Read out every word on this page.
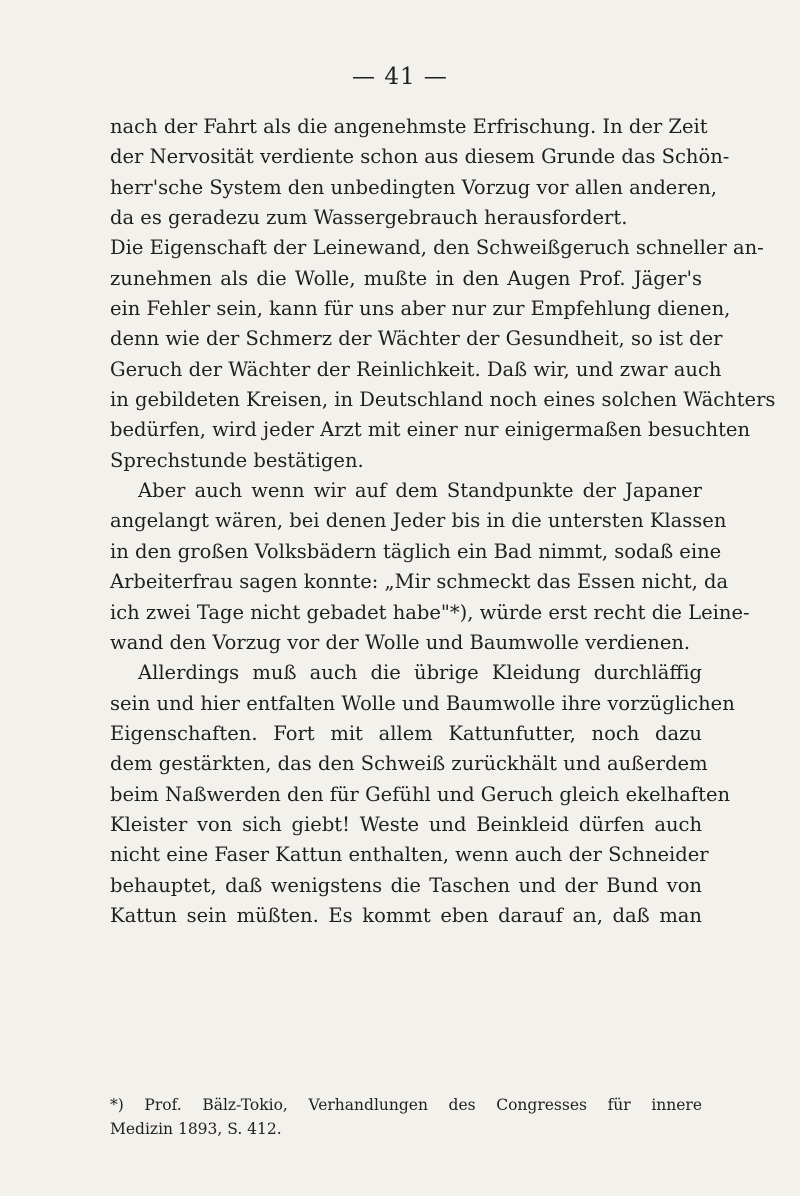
— 41 —
nach der Fahrt als die angenehmste Erfrischung. In der Zeit
der Nervosität verdiente schon aus diesem Grunde das Schön-
herr'sche System den unbedingten Vorzug vor allen anderen,
da es geradezu zum Wassergebrauch herausfordert.
Die Eigenschaft der Leinewand, den Schweißgeruch schneller an-
zunehmen als die Wolle, mußte in den Augen Prof. Jäger's
ein Fehler sein, kann für uns aber nur zur Empfehlung dienen,
denn wie der Schmerz der Wächter der Gesundheit, so ist der
Geruch der Wächter der Reinlichkeit. Daß wir, und zwar auch
in gebildeten Kreisen, in Deutschland noch eines solchen Wächters
bedürfen, wird jeder Arzt mit einer nur einigermaßen besuchten
Sprechstunde bestätigen.
Aber auch wenn wir auf dem Standpunkte der Japaner
angelangt wären, bei denen Jeder bis in die untersten Klassen
in den großen Volksbädern täglich ein Bad nimmt, sodaß eine
Arbeiterfrau sagen konnte: „Mir schmeckt das Essen nicht, da
ich zwei Tage nicht gebadet habe"*), würde erst recht die Leine-
wand den Vorzug vor der Wolle und Baumwolle verdienen.
Allerdings muß auch die übrige Kleidung durchläffig
sein und hier entfalten Wolle und Baumwolle ihre vorzüglichen
Eigenschaften. Fort mit allem Kattunfutter, noch dazu
dem gestärkten, das den Schweiß zurückhält und außerdem
beim Naßwerden den für Gefühl und Geruch gleich ekelhaften
Kleister von sich giebt! Weste und Beinkleid dürfen auch
nicht eine Faser Kattun enthalten, wenn auch der Schneider
behauptet, daß wenigstens die Taschen und der Bund von
Kattun sein müßten. Es kommt eben darauf an, daß man
*) Prof. Bälz-Tokio, Verhandlungen des Congresses für innere
Medizin 1893, S. 412.
